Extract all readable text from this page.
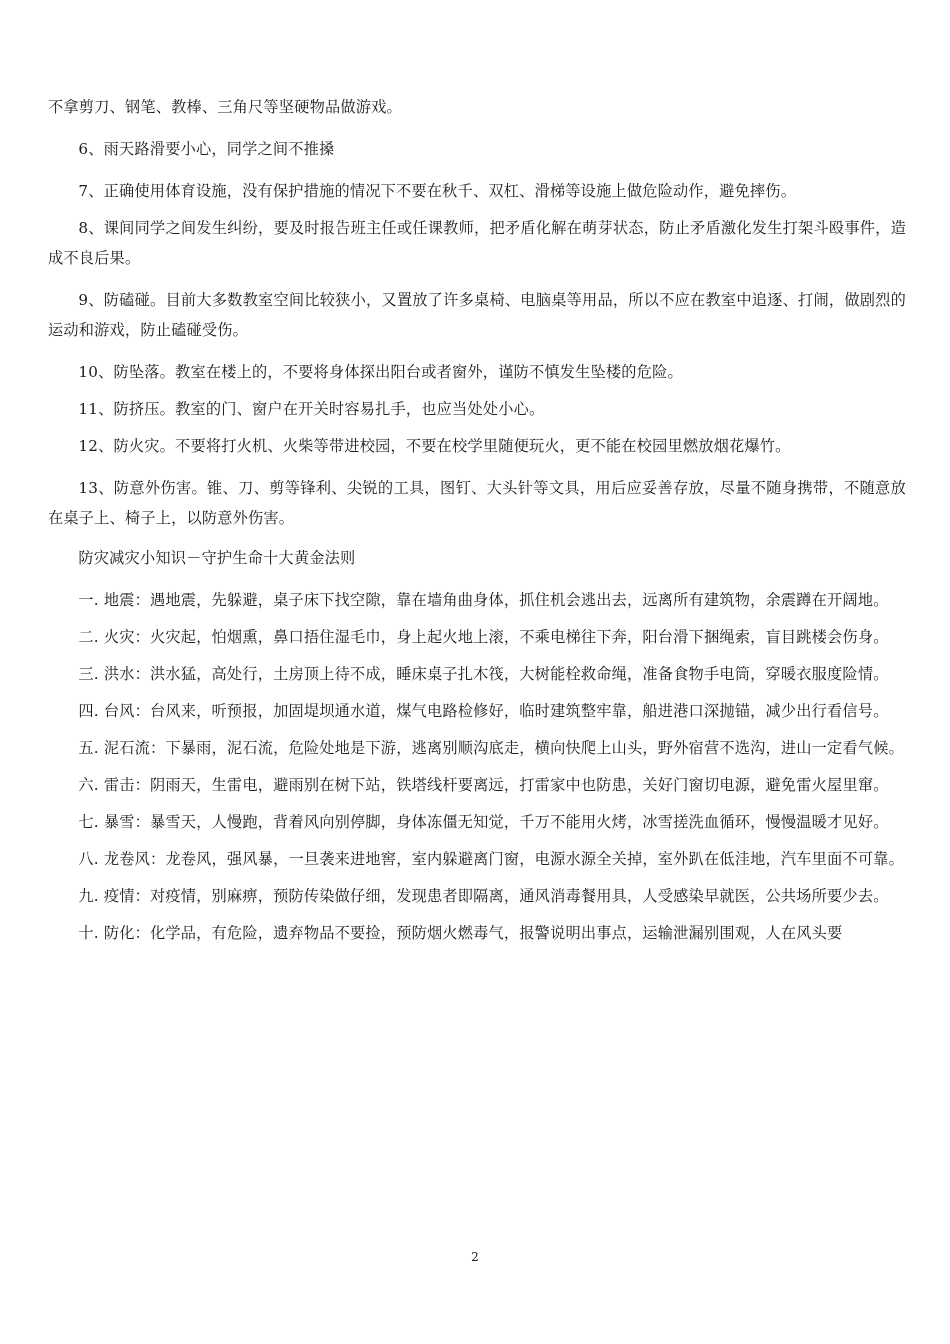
不拿剪刀、钢笔、教棒、三角尺等坚硬物品做游戏。

6、雨天路滑要小心，同学之间不推搡

7、正确使用体育设施，没有保护措施的情况下不要在秋千、双杠、滑梯等设施上做危险动作，避免摔伤。

8、课间同学之间发生纠纷，要及时报告班主任或任课教师，把矛盾化解在萌芽状态，防止矛盾激化发生打架斗殴事件，造成不良后果。

9、防磕碰。目前大多数教室空间比较狭小，又置放了许多桌椅、电脑桌等用品，所以不应在教室中追逐、打闹，做剧烈的运动和游戏，防止磕碰受伤。

10、防坠落。教室在楼上的，不要将身体探出阳台或者窗外，谨防不慎发生坠楼的危险。

11、防挤压。教室的门、窗户在开关时容易扎手，也应当处处小心。

12、防火灾。不要将打火机、火柴等带进校园，不要在校学里随便玩火，更不能在校园里燃放烟花爆竹。

13、防意外伤害。锥、刀、剪等锋利、尖锐的工具，图钉、大头针等文具，用后应妥善存放，尽量不随身携带，不随意放在桌子上、椅子上，以防意外伤害。

防灾减灾小知识－守护生命十大黄金法则

一. 地震：遇地震，先躲避，桌子床下找空隙，靠在墙角曲身体，抓住机会逃出去，远离所有建筑物，余震蹲在开阔地。

二. 火灾：火灾起，怕烟熏，鼻口捂住湿毛巾，身上起火地上滚，不乘电梯往下奔，阳台滑下捆绳索，盲目跳楼会伤身。

三. 洪水：洪水猛，高处行，土房顶上待不成，睡床桌子扎木筏，大树能栓救命绳，准备食物手电筒，穿暖衣服度险情。

四. 台风：台风来，听预报，加固堤坝通水道，煤气电路检修好，临时建筑整牢靠，船进港口深抛锚，减少出行看信号。

五. 泥石流：下暴雨，泥石流，危险处地是下游，逃离别顺沟底走，横向快爬上山头，野外宿营不选沟，进山一定看气候。

六. 雷击：阴雨天，生雷电，避雨别在树下站，铁塔线杆要离远，打雷家中也防患，关好门窗切电源，避免雷火屋里窜。

七. 暴雪：暴雪天，人慢跑，背着风向别停脚，身体冻僵无知觉，千万不能用火烤，冰雪搓洗血循环，慢慢温暖才见好。

八. 龙卷风：龙卷风，强风暴，一旦袭来进地窖，室内躲避离门窗，电源水源全关掉，室外趴在低洼地，汽车里面不可靠。

九. 疫情：对疫情，别麻痹，预防传染做仔细，发现患者即隔离，通风消毒餐用具，人受感染早就医，公共场所要少去。

十. 防化：化学品，有危险，遗弃物品不要捡，预防烟火燃毒气，报警说明出事点，运输泄漏别围观，人在风头要

2
